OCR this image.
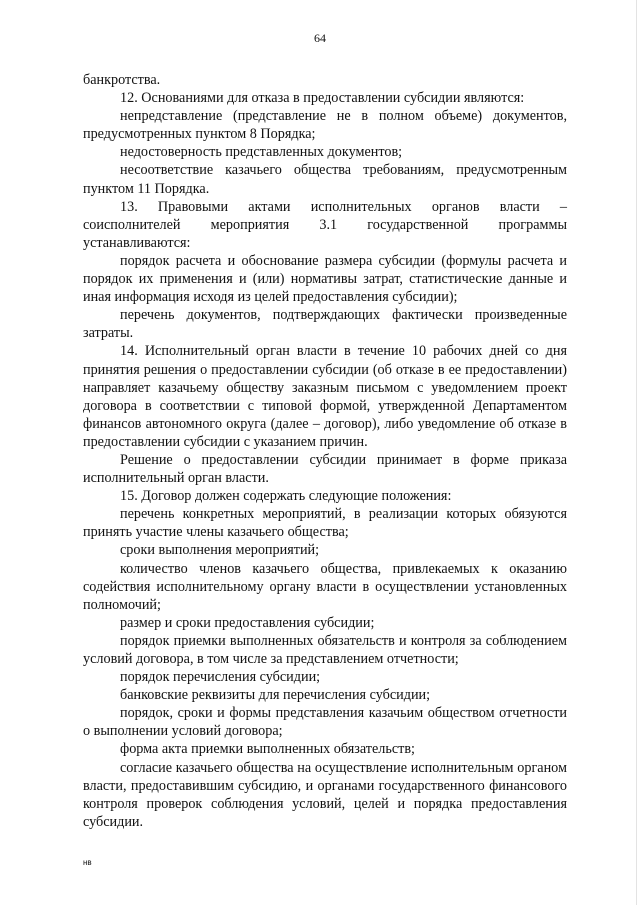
64

банкротства.

12. Основаниями для отказа в предоставлении субсидии являются:

непредставление (представление не в полном объеме) документов, предусмотренных пунктом 8 Порядка;

недостоверность представленных документов;

несоответствие казачьего общества требованиям, предусмотренным пунктом 11 Порядка.

13. Правовыми актами исполнительных органов власти – соисполнителей мероприятия 3.1 государственной программы устанавливаются:

порядок расчета и обоснование размера субсидии (формулы расчета и порядок их применения и (или) нормативы затрат, статистические данные и иная информация исходя из целей предоставления субсидии);

перечень документов, подтверждающих фактически произведенные затраты.

14. Исполнительный орган власти в течение 10 рабочих дней со дня принятия решения о предоставлении субсидии (об отказе в ее предоставлении) направляет казачьему обществу заказным письмом с уведомлением проект договора в соответствии с типовой формой, утвержденной Департаментом финансов автономного округа (далее – договор), либо уведомление об отказе в предоставлении субсидии с указанием причин.

Решение о предоставлении субсидии принимает в форме приказа исполнительный орган власти.

15. Договор должен содержать следующие положения:

перечень конкретных мероприятий, в реализации которых обязуются принять участие члены казачьего общества;

сроки выполнения мероприятий;

количество членов казачьего общества, привлекаемых к оказанию содействия исполнительному органу власти в осуществлении установленных полномочий;

размер и сроки предоставления субсидии;

порядок приемки выполненных обязательств и контроля за соблюдением условий договора, в том числе за представлением отчетности;

порядок перечисления субсидии;

банковские реквизиты для перечисления субсидии;

порядок, сроки и формы представления казачьим обществом отчетности о выполнении условий договора;

форма акта приемки выполненных обязательств;

согласие казачьего общества на осуществление исполнительным органом власти, предоставившим субсидию, и органами государственного финансового контроля проверок соблюдения условий, целей и порядка предоставления субсидии.

нв
